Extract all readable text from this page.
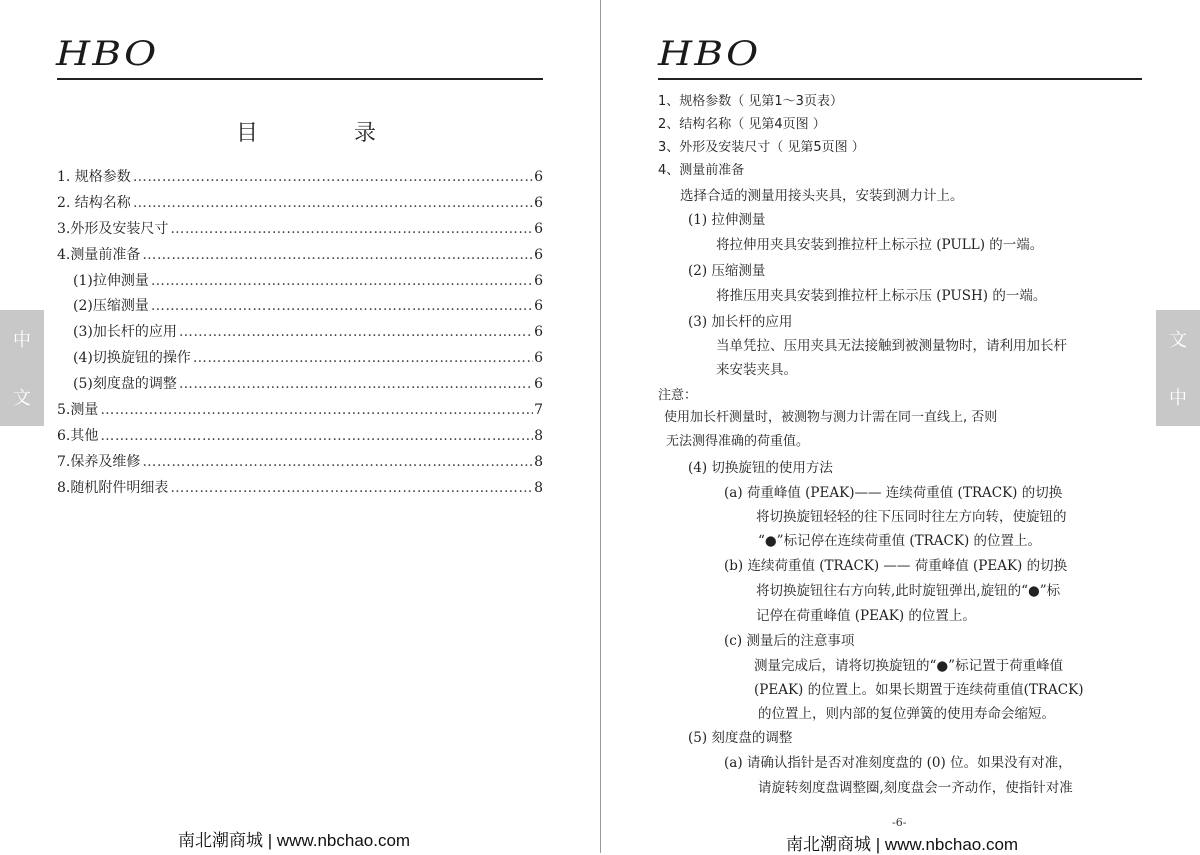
HBO
目	录
1. 规格参数 …………………………………………………………………………………………………………………………………………………………………………	6
2. 结构名称 …………………………………………………………………………………………………………………………………………………………………………	6
3.外形及安装尺寸 …………………………………………………………………………………………………………………………………………………………………………	6
4.测量前准备 …………………………………………………………………………………………………………………………………………………………………………	6
(1)拉伸测量 …………………………………………………………………………………………………………………………………………………………………………	6
(2)压缩测量 …………………………………………………………………………………………………………………………………………………………………………	6
(3)加长杆的应用 …………………………………………………………………………………………………………………………………………………………………………	6
(4)切换旋钮的操作 …………………………………………………………………………………………………………………………………………………………………………	6
(5)刻度盘的调整 …………………………………………………………………………………………………………………………………………………………………………	6
5.测量 …………………………………………………………………………………………………………………………………………………………………………	7
6.其他 …………………………………………………………………………………………………………………………………………………………………………	8
7.保养及维修 …………………………………………………………………………………………………………………………………………………………………………	8
8.随机附件明细表 …………………………………………………………………………………………………………………………………………………………………………	8
中
文
南北潮商城 | www.nbchao.com
HBO
文
中
1、规格参数（ 见第1～3页表）
2、结构名称（ 见第4页图 ）
3、外形及安装尺寸（ 见第5页图 ）
4、测量前准备
选择合适的测量用接头夹具，安装到测力计上。
(1) 拉伸测量
将拉伸用夹具安装到推拉杆上标示拉 (PULL) 的一端。
(2) 压缩测量
将推压用夹具安装到推拉杆上标示压 (PUSH) 的一端。
(3) 加长杆的应用
当单凭拉、压用夹具无法接触到被测量物时，请利用加长杆
来安装夹具。
注意：
使用加长杆测量时，被测物与测力计需在同一直线上, 否则
无法测得准确的荷重值。
(4) 切换旋钮的使用方法
(a) 荷重峰值 (PEAK)—— 连续荷重值 (TRACK) 的切换
将切换旋钮轻轻的往下压同时往左方向转，使旋钮的
“●”标记停在连续荷重值 (TRACK) 的位置上。
(b) 连续荷重值 (TRACK) —— 荷重峰值 (PEAK) 的切换
将切换旋钮往右方向转,此时旋钮弹出,旋钮的“●”标
记停在荷重峰值 (PEAK) 的位置上。
(c) 测量后的注意事项
测量完成后，请将切换旋钮的“●”标记置于荷重峰值
(PEAK) 的位置上。如果长期置于连续荷重值(TRACK)
的位置上，则内部的复位弹簧的使用寿命会缩短。
(5) 刻度盘的调整
(a) 请确认指针是否对准刻度盘的 (0) 位。如果没有对准，
请旋转刻度盘调整圈,刻度盘会一齐动作，使指针对准
-6-
南北潮商城 | www.nbchao.com
